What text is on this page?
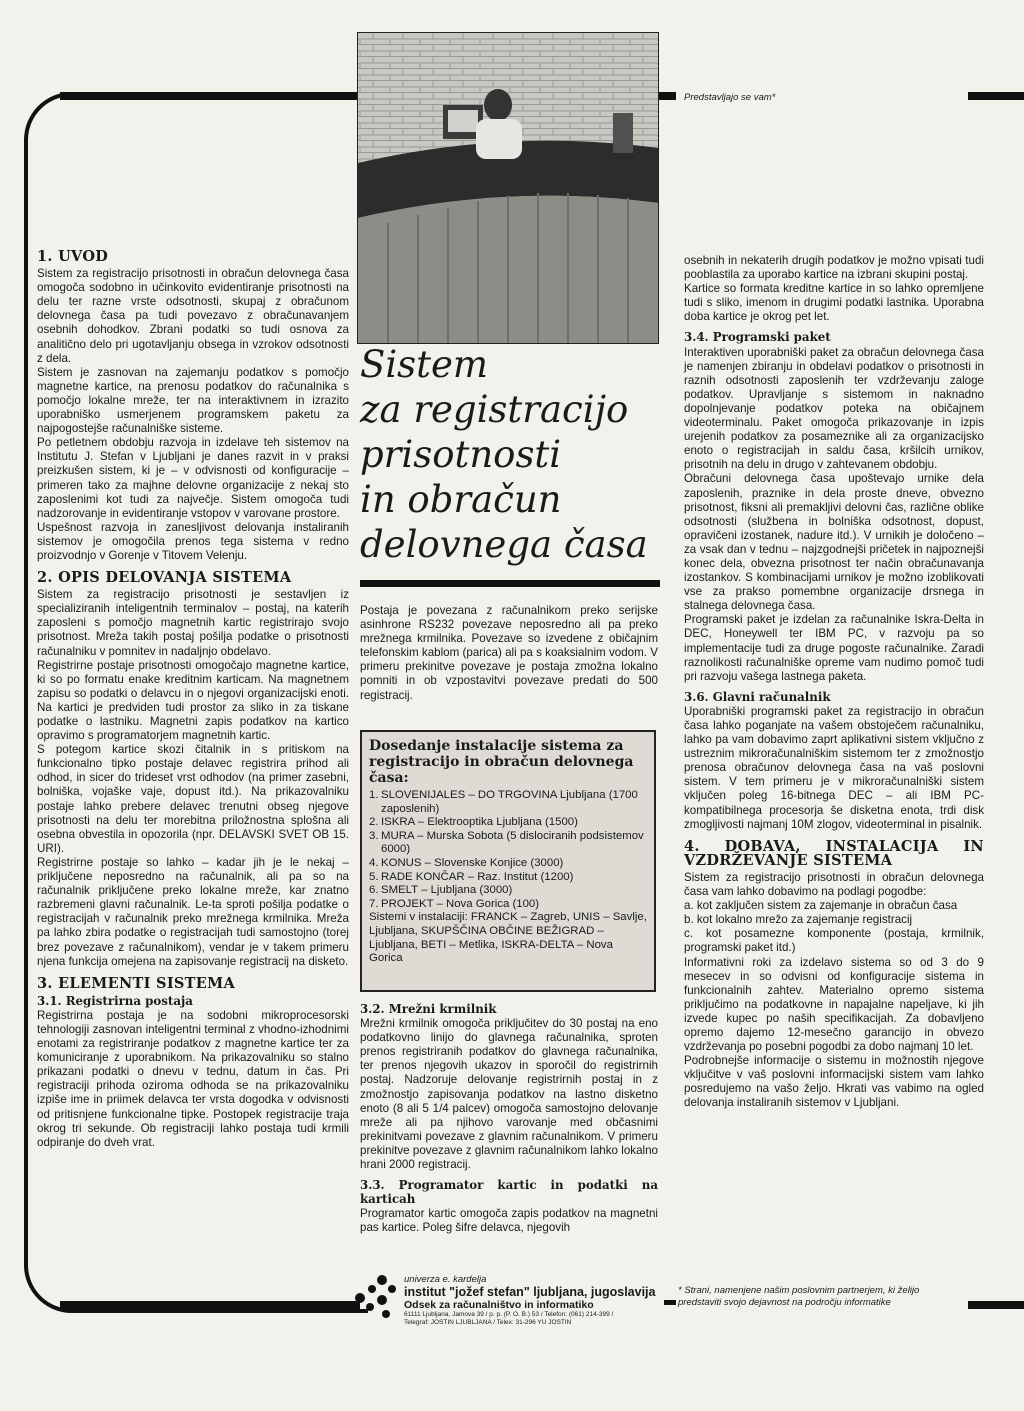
Predstavljajo se vam*
Sistem
za registracijo
prisotnosti
in obračun
delovnega časa
1. UVOD

Sistem za registracijo prisotnosti in obračun delovnega časa omogoča sodobno in učinkovito evidentiranje prisotnosti na delu ter razne vrste odsotnosti, skupaj z obračunom delovnega časa pa tudi povezavo z obračunavanjem osebnih dohodkov. Zbrani podatki so tudi osnova za analitično delo pri ugotavljanju obsega in vzrokov odsotnosti z dela.

Sistem je zasnovan na zajemanju podatkov s pomočjo magnetne kartice, na prenosu podatkov do računalnika s pomočjo lokalne mreže, ter na interaktivnem in izrazito uporabniško usmerjenem programskem paketu za najpogostejše računalniške sisteme.

Po petletnem obdobju razvoja in izdelave teh sistemov na Institutu J. Stefan v Ljubljani je danes razvit in v praksi preizkušen sistem, ki je – v odvisnosti od konfiguracije – primeren tako za majhne delovne organizacije z nekaj sto zaposlenimi kot tudi za največje. Sistem omogoča tudi nadzorovanje in evidentiranje vstopov v varovane prostore.

Uspešnost razvoja in zanesljivost delovanja instaliranih sistemov je omogočila prenos tega sistema v redno proizvodnjo v Gorenje v Titovem Velenju.

2. OPIS DELOVANJA SISTEMA

Sistem za registracijo prisotnosti je sestavljen iz specializiranih inteligentnih terminalov – postaj, na katerih zaposleni s pomočjo magnetnih kartic registrirajo svojo prisotnost. Mreža takih postaj pošilja podatke o prisotnosti računalniku v pomnitev in nadaljnjo obdelavo.

Registrirne postaje prisotnosti omogočajo magnetne kartice, ki so po formatu enake kreditnim karticam. Na magnetnem zapisu so podatki o delavcu in o njegovi organizacijski enoti. Na kartici je predviden tudi prostor za sliko in za tiskane podatke o lastniku. Magnetni zapis podatkov na kartico opravimo s programatorjem magnetnih kartic.

S potegom kartice skozi čitalnik in s pritiskom na funkcionalno tipko postaje delavec registrira prihod ali odhod, in sicer do trideset vrst odhodov (na primer zasebni, bolniška, vojaške vaje, dopust itd.). Na prikazovalniku postaje lahko prebere delavec trenutni obseg njegove prisotnosti na delu ter morebitna priložnostna splošna ali osebna obvestila in opozorila (npr. DELAVSKI SVET OB 15. URI).

Registrirne postaje so lahko – kadar jih je le nekaj – priključene neposredno na računalnik, ali pa so na računalnik priključene preko lokalne mreže, kar znatno razbremeni glavni računalnik. Le-ta sproti pošilja podatke o registracijah v računalnik preko mrežnega krmilnika. Mreža pa lahko zbira podatke o registracijah tudi samostojno (torej brez povezave z računalnikom), vendar je v takem primeru njena funkcija omejena na zapisovanje registracij na disketo.

3. ELEMENTI SISTEMA
3.1. Registrirna postaja

Registrirna postaja je na sodobni mikroprocesorski tehnologiji zasnovan inteligentni terminal z vhodno-izhodnimi enotami za registriranje podatkov z magnetne kartice ter za komuniciranje z uporabnikom. Na prikazovalniku so stalno prikazani podatki o dnevu v tednu, datum in čas. Pri registraciji prihoda oziroma odhoda se na prikazovalniku izpiše ime in priimek delavca ter vrsta dogodka v odvisnosti od pritisnjene funkcionalne tipke. Postopek registracije traja okrog tri sekunde. Ob registraciji lahko postaja tudi krmili odpiranje do dveh vrat.

Postaja je povezana z računalnikom preko serijske asinhrone RS232 povezave neposredno ali pa preko mrežnega krmilnika. Povezave so izvedene z običajnim telefonskim kablom (parica) ali pa s koaksialnim vodom. V primeru prekinitve povezave je postaja zmožna lokalno pomniti in ob vzpostavitvi povezave predati do 500 registracij.

Dosedanje instalacije sistema za registracijo in obračun delovnega časa:
1. SLOVENIJALES – DO TRGOVINA Ljubljana (1700 zaposlenih)
2. ISKRA – Elektrooptika Ljubljana (1500)
3. MURA – Murska Sobota (5 dislociranih podsistemov 6000)
4. KONUS – Slovenske Konjice (3000)
5. RADE KONČAR – Raz. Institut (1200)
6. SMELT – Ljubljana (3000)
7. PROJEKT – Nova Gorica (100)

Sistemi v instalaciji: FRANCK – Zagreb, UNIS – Savlje, Ljubljana, SKUPŠČINA OBČINE BEŽIGRAD – Ljubljana, BETI – Metlika, ISKRA-DELTA – Nova Gorica

3.2. Mrežni krmilnik

Mrežni krmilnik omogoča priključitev do 30 postaj na eno podatkovno linijo do glavnega računalnika, sproten prenos registriranih podatkov do glavnega računalnika, ter prenos njegovih ukazov in sporočil do registrirnih postaj. Nadzoruje delovanje registrirnih postaj in z zmožnostjo zapisovanja podatkov na lastno disketno enoto (8 ali 5 1/4 palcev) omogoča samostojno delovanje mreže ali pa njihovo varovanje med občasnimi prekinitvami povezave z glavnim računalnikom. V primeru prekinitve povezave z glavnim računalnikom lahko lokalno hrani 2000 registracij.

3.3. Programator kartic in podatki na karticah

Programator kartic omogoča zapis podatkov na magnetni pas kartice. Poleg šifre delavca, njegovih

osebnih in nekaterih drugih podatkov je možno vpisati tudi pooblastila za uporabo kartice na izbrani skupini postaj.

Kartice so formata kreditne kartice in so lahko opremljene tudi s sliko, imenom in drugimi podatki lastnika. Uporabna doba kartice je okrog pet let.

3.4. Programski paket

Interaktiven uporabniški paket za obračun delovnega časa je namenjen zbiranju in obdelavi podatkov o prisotnosti in raznih odsotnosti zaposlenih ter vzdrževanju zaloge podatkov. Upravljanje s sistemom in naknadno dopolnjevanje podatkov poteka na običajnem videoterminalu. Paket omogoča prikazovanje in izpis urejenih podatkov za posameznike ali za organizacijsko enoto o registracijah in saldu časa, kršilcih urnikov, prisotnih na delu in drugo v zahtevanem obdobju.

Obračuni delovnega časa upoštevajo urnike dela zaposlenih, praznike in dela proste dneve, obvezno prisotnost, fiksni ali premakljivi delovni čas, različne oblike odsotnosti (službena in bolniška odsotnost, dopust, opravičeni izostanek, nadure itd.). V urnikih je določeno – za vsak dan v tednu – najzgodnejši pričetek in najpoznejši konec dela, obvezna prisotnost ter način obračunavanja izostankov. S kombinacijami urnikov je možno izoblikovati vse za prakso pomembne organizacije drsnega in stalnega delovnega časa.

Programski paket je izdelan za računalnike Iskra-Delta in DEC, Honeywell ter IBM PC, v razvoju pa so implementacije tudi za druge pogoste računalnike. Zaradi raznolikosti računalniške opreme vam nudimo pomoč tudi pri razvoju vašega lastnega paketa.

3.6. Glavni računalnik

Uporabniški programski paket za registracijo in obračun časa lahko poganjate na vašem obstoječem računalniku, lahko pa vam dobavimo zaprt aplikativni sistem vključno z ustreznim mikroračunalniškim sistemom ter z zmožnostjo prenosa obračunov delovnega časa na vaš poslovni sistem. V tem primeru je v mikroračunalniški sistem vključen poleg 16-bitnega DEC – ali IBM PC-kompatibilnega procesorja še disketna enota, trdi disk zmogljivosti najmanj 10M zlogov, videoterminal in pisalnik.

4. DOBAVA, INSTALACIJA IN VZDRŽEVANJE SISTEMA

Sistem za registracijo prisotnosti in obračun delovnega časa vam lahko dobavimo na podlagi pogodbe:

a. kot zaključen sistem za zajemanje in obračun časa

b. kot lokalno mrežo za zajemanje registracij

c. kot posamezne komponente (postaja, krmilnik, programski paket itd.)

Informativni roki za izdelavo sistema so od 3 do 9 mesecev in so odvisni od konfiguracije sistema in funkcionalnih zahtev. Materialno opremo sistema priključimo na podatkovne in napajalne napeljave, ki jih izvede kupec po naših specifikacijah. Za dobavljeno opremo dajemo 12-mesečno garancijo in obvezo vzdrževanja po posebni pogodbi za dobo najmanj 10 let.

Podrobnejše informacije o sistemu in možnostih njegove vključitve v vaš poslovni informacijski sistem vam lahko posredujemo na vašo željo. Hkrati vas vabimo na ogled delovanja instaliranih sistemov v Ljubljani.

univerza e. kardelja
institut "jožef stefan" ljubljana, jugoslavija
Odsek za računalništvo in informatiko
61111 Ljubljana, Jamova 39 / p. p. (P. O. B.) 53 / Telefon: (061) 214-399 /
Telegraf: JOSTIN LJUBLJANA / Telex: 31-296 YU JOSTIN
* Strani, namenjene našim poslovnim partnerjem, ki želijo predstaviti svojo dejavnost na področju informatike
